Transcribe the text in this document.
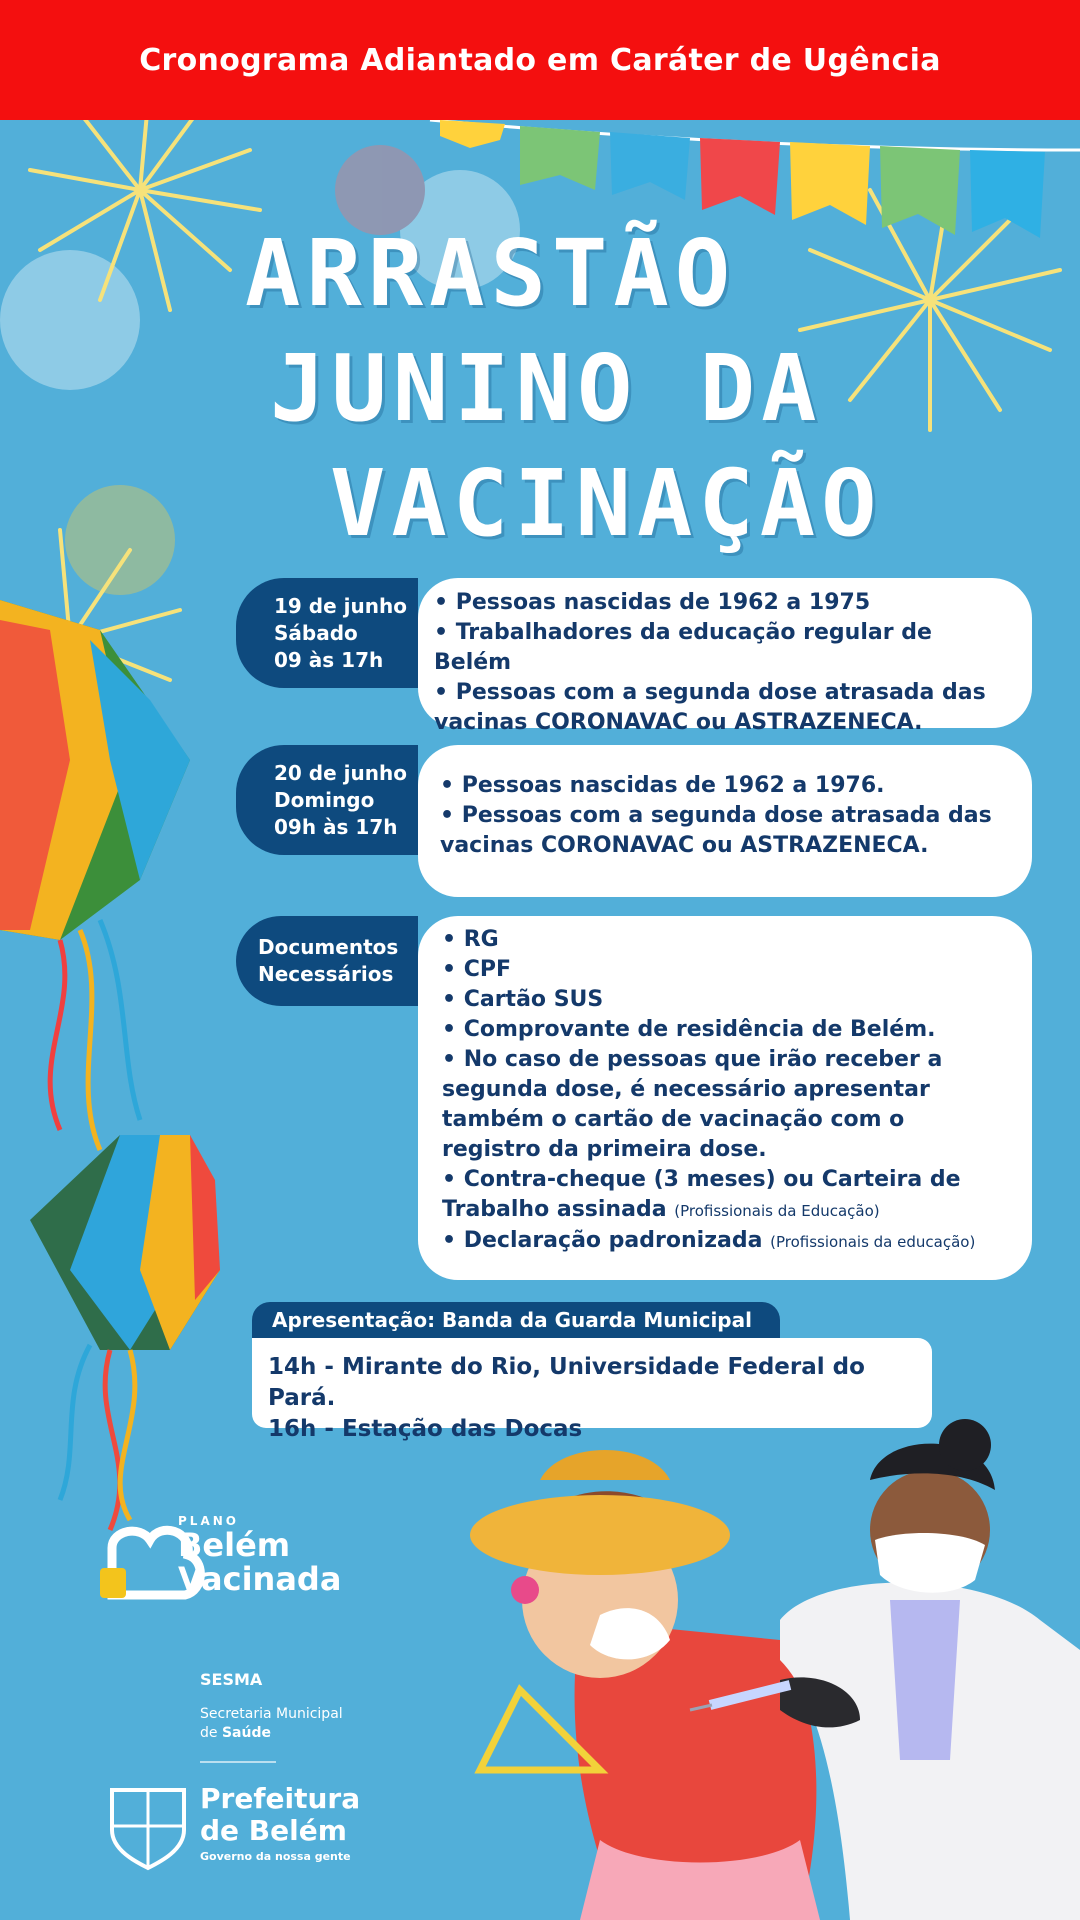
Cronograma Adiantado em Caráter de Ugência
ARRASTÃO
JUNINO DA
VACINAÇÃO
• Pessoas nascidas de 1962 a 1975
• Trabalhadores da educação regular de Belém
• Pessoas com a segunda dose atrasada das
vacinas CORONAVAC ou ASTRAZENECA.
19 de junho
Sábado
09 às 17h
• Pessoas nascidas de 1962 a 1976.
• Pessoas com a segunda dose atrasada das
vacinas CORONAVAC ou ASTRAZENECA.
20 de junho
Domingo
09h às 17h
• RG
• CPF
• Cartão SUS
• Comprovante de residência de Belém.
• No caso de pessoas que irão receber a
segunda dose, é necessário apresentar
também o cartão de vacinação com o
registro da primeira dose.
• Contra-cheque (3 meses) ou Carteira de
Trabalho assinada (Profissionais da Educação)
• Declaração padronizada (Profissionais da educação)
Documentos
Necessários
Apresentação: Banda da Guarda Municipal
14h - Mirante do Rio, Universidade Federal do Pará.
16h - Estação das Docas
PLANO
Belém
Vacinada
SESMA
Secretaria Municipal
de Saúde
Prefeitura
de Belém
Governo da nossa gente
